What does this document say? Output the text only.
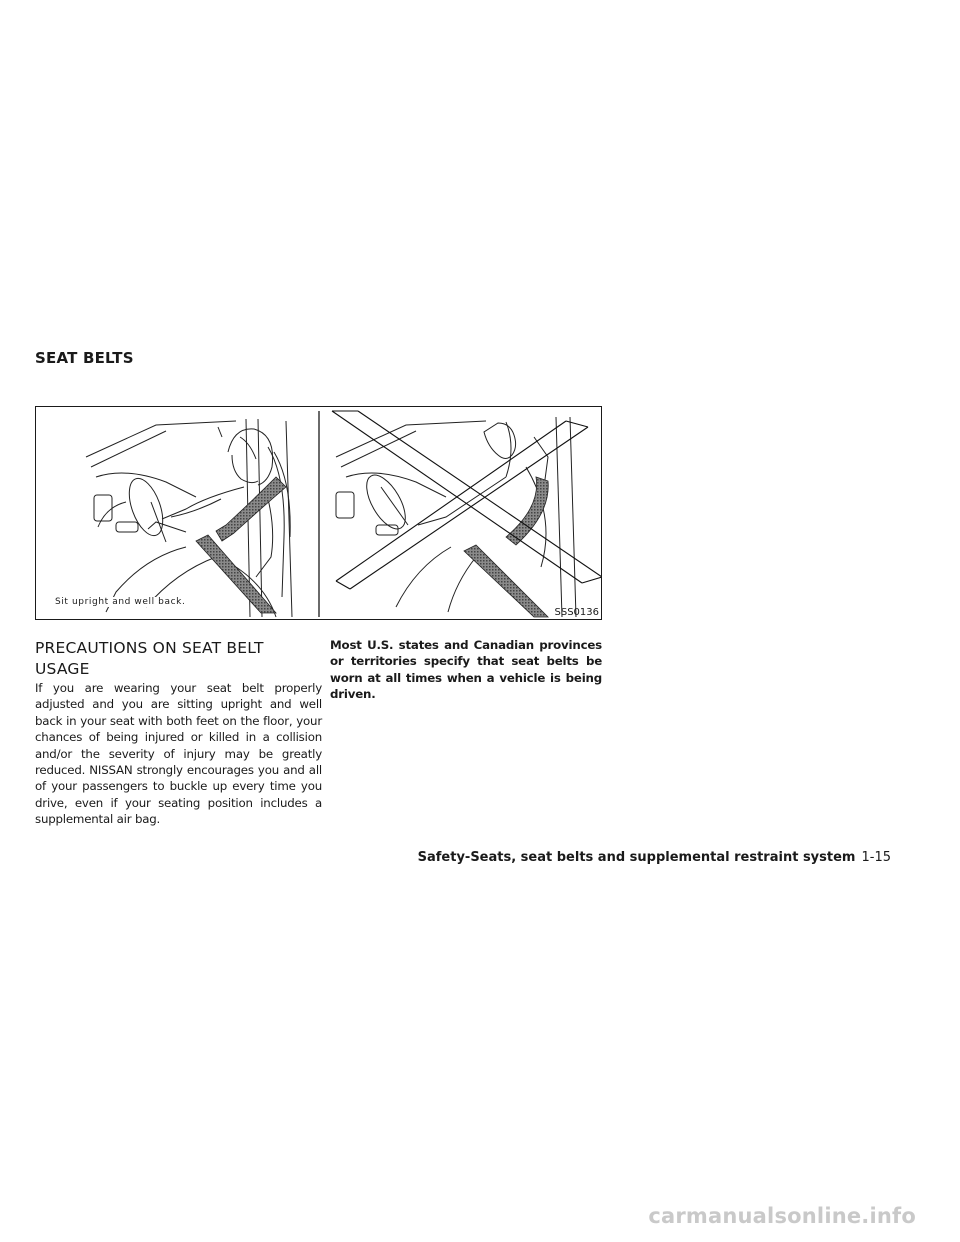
SEAT BELTS
Sit upright and well back.
SSS0136
PRECAUTIONS ON SEAT BELT USAGE

If you are wearing your seat belt properly adjusted and you are sitting upright and well back in your seat with both feet on the floor, your chances of being injured or killed in a collision and/or the severity of injury may be greatly reduced. NISSAN strongly encourages you and all of your passengers to buckle up every time you drive, even if your seating position includes a supplemental air bag.

Most U.S. states and Canadian provinces or territories specify that seat belts be worn at all times when a vehicle is being driven.

Safety-Seats, seat belts and supplemental restraint system 1-15
carmanualsonline.info
